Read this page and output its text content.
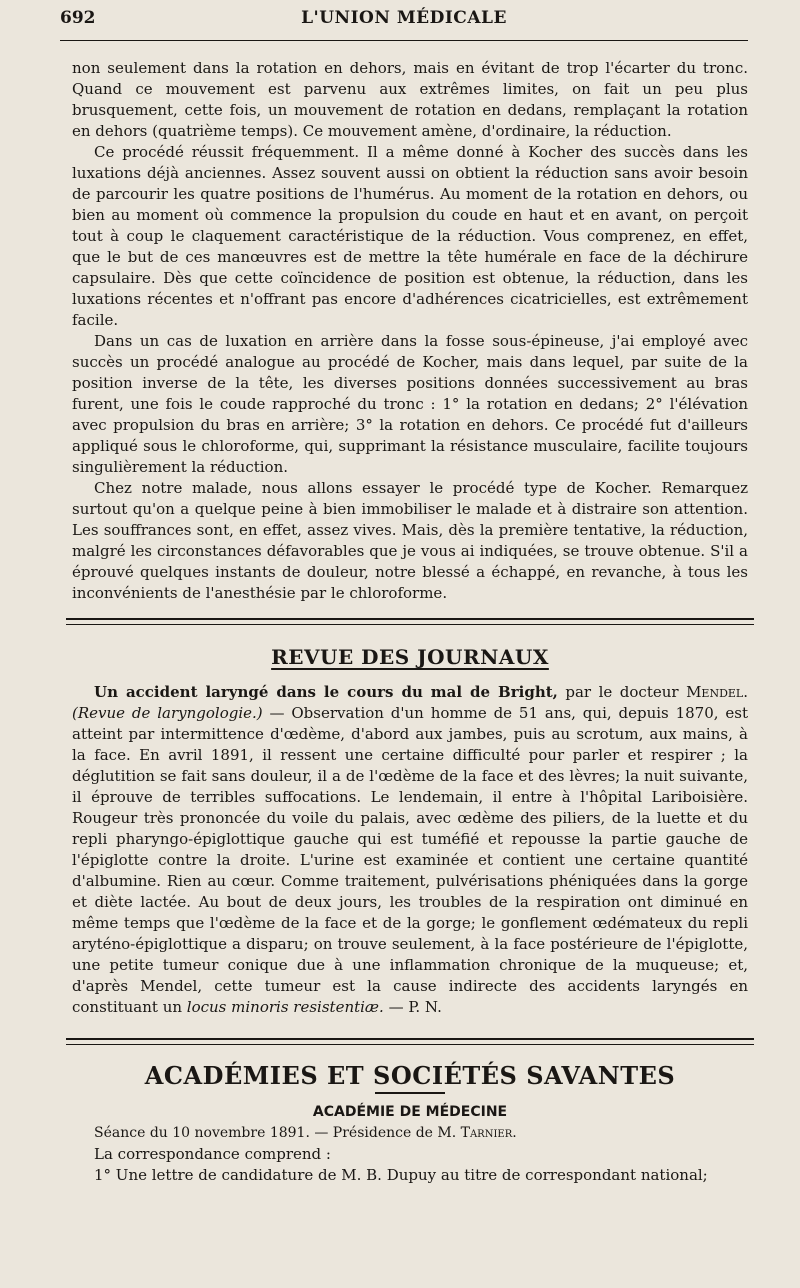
692	L'UNION MÉDICALE

non seulement dans la rotation en dehors, mais en évitant de trop l'écarter du tronc. Quand ce mouvement est parvenu aux extrêmes limites, on fait un peu plus brusquement, cette fois, un mouvement de rotation en dedans, remplaçant la rotation en dehors (quatrième temps). Ce mouvement amène, d'ordinaire, la réduction.

Ce procédé réussit fréquemment. Il a même donné à Kocher des succès dans les luxations déjà anciennes. Assez souvent aussi on obtient la réduction sans avoir besoin de parcourir les quatre positions de l'humérus. Au moment de la rotation en dehors, ou bien au moment où commence la propulsion du coude en haut et en avant, on perçoit tout à coup le claquement caractéristique de la réduction. Vous comprenez, en effet, que le but de ces manœuvres est de mettre la tête humérale en face de la déchirure capsulaire. Dès que cette coïncidence de position est obtenue, la réduction, dans les luxations récentes et n'offrant pas encore d'adhérences cicatricielles, est extrêmement facile.

Dans un cas de luxation en arrière dans la fosse sous-épineuse, j'ai employé avec succès un procédé analogue au procédé de Kocher, mais dans lequel, par suite de la position inverse de la tête, les diverses positions données successivement au bras furent, une fois le coude rapproché du tronc : 1° la rotation en dedans; 2° l'élévation avec propulsion du bras en arrière; 3° la rotation en dehors. Ce procédé fut d'ailleurs appliqué sous le chloroforme, qui, supprimant la résistance musculaire, facilite toujours singulièrement la réduction.

Chez notre malade, nous allons essayer le procédé type de Kocher. Remarquez surtout qu'on a quelque peine à bien immobiliser le malade et à distraire son attention. Les souffrances sont, en effet, assez vives. Mais, dès la première tentative, la réduction, malgré les circonstances défavorables que je vous ai indiquées, se trouve obtenue. S'il a éprouvé quelques instants de douleur, notre blessé a échappé, en revanche, à tous les inconvénients de l'anesthésie par le chloroforme.

REVUE DES JOURNAUX

Un accident laryngé dans le cours du mal de Bright, par le docteur Mendel. (Revue de laryngologie.) — Observation d'un homme de 51 ans, qui, depuis 1870, est atteint par intermittence d'œdème, d'abord aux jambes, puis au scrotum, aux mains, à la face. En avril 1891, il ressent une certaine difficulté pour parler et respirer ; la déglutition se fait sans douleur, il a de l'œdème de la face et des lèvres; la nuit suivante, il éprouve de terribles suffocations. Le lendemain, il entre à l'hôpital Lariboisière. Rougeur très prononcée du voile du palais, avec œdème des piliers, de la luette et du repli pharyngo-épiglottique gauche qui est tuméfié et repousse la partie gauche de l'épiglotte contre la droite. L'urine est examinée et contient une certaine quantité d'albumine. Rien au cœur. Comme traitement, pulvérisations phéniquées dans la gorge et diète lactée. Au bout de deux jours, les troubles de la respiration ont diminué en même temps que l'œdème de la face et de la gorge; le gonflement œdémateux du repli aryténo-épiglottique a disparu; on trouve seulement, à la face postérieure de l'épiglotte, une petite tumeur conique due à une inflammation chronique de la muqueuse; et, d'après Mendel, cette tumeur est la cause indirecte des accidents laryngés en constituant un locus minoris resistentiæ. — P. N.

ACADÉMIES ET SOCIÉTÉS SAVANTES
ACADÉMIE DE MÉDECINE

Séance du 10 novembre 1891. — Présidence de M. Tarnier.

La correspondance comprend :

1° Une lettre de candidature de M. B. Dupuy au titre de correspondant national;
